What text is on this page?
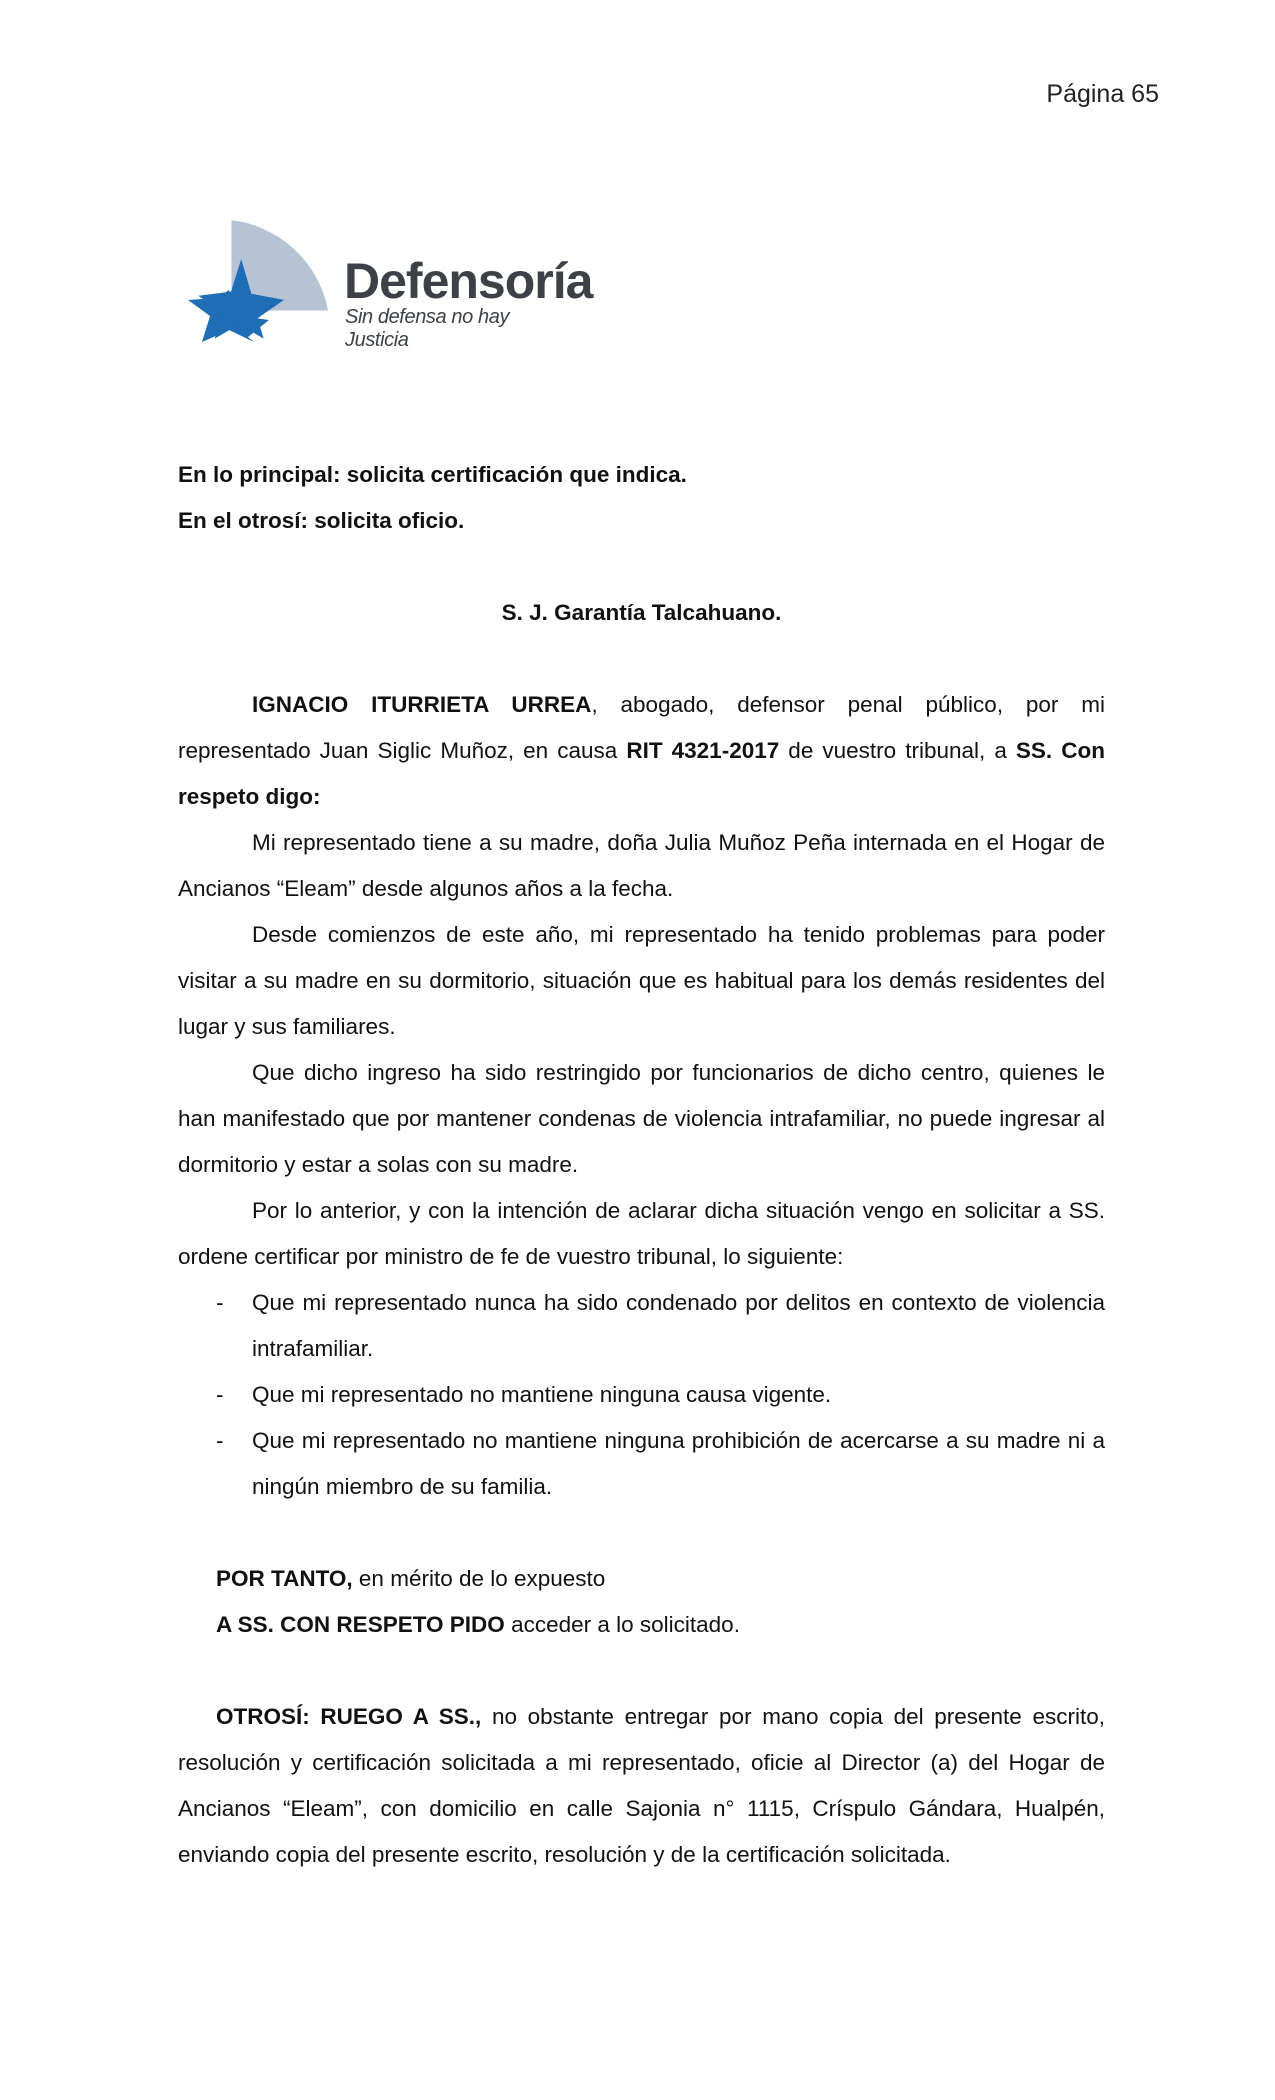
Página 65
Defensoría
Sin defensa no hay Justicia

En lo principal: solicita certificación que indica.

En el otrosí: solicita oficio.

S. J. Garantía Talcahuano.

IGNACIO ITURRIETA URREA, abogado, defensor penal público, por mi representado Juan Siglic Muñoz, en causa RIT 4321-2017 de vuestro tribunal, a SS. Con respeto digo:

Mi representado tiene a su madre, doña Julia Muñoz Peña internada en el Hogar de Ancianos “Eleam” desde algunos años a la fecha.

Desde comienzos de este año, mi representado ha tenido problemas para poder visitar a su madre en su dormitorio, situación que es habitual para los demás residentes del lugar y sus familiares.

Que dicho ingreso ha sido restringido por funcionarios de dicho centro, quienes le han manifestado que por mantener condenas de violencia intrafamiliar, no puede ingresar al dormitorio y estar a solas con su madre.

Por lo anterior, y con la intención de aclarar dicha situación vengo en solicitar a SS. ordene certificar por ministro de fe de vuestro tribunal, lo siguiente:

- Que mi representado nunca ha sido condenado por delitos en contexto de violencia intrafamiliar.
- Que mi representado no mantiene ninguna causa vigente.
- Que mi representado no mantiene ninguna prohibición de acercarse a su madre ni a ningún miembro de su familia.

POR TANTO, en mérito de lo expuesto

A SS. CON RESPETO PIDO acceder a lo solicitado.

OTROSÍ: RUEGO A SS., no obstante entregar por mano copia del presente escrito, resolución y certificación solicitada a mi representado, oficie al Director (a) del Hogar de Ancianos “Eleam”, con domicilio en calle Sajonia n° 1115, Críspulo Gándara, Hualpén, enviando copia del presente escrito, resolución y de la certificación solicitada.
